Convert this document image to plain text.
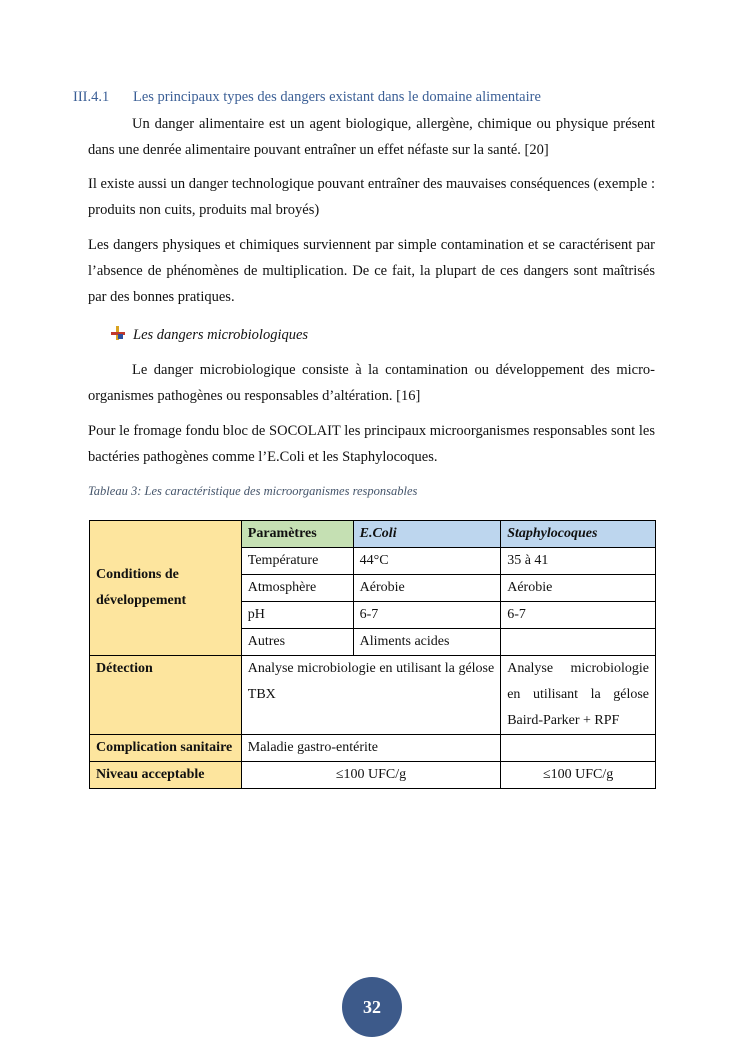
III.4.1 Les principaux types des dangers existant dans le domaine alimentaire

Un danger alimentaire est un agent biologique, allergène, chimique ou physique présent dans une denrée alimentaire pouvant entraîner un effet néfaste sur la santé. [20]

Il existe aussi un danger technologique pouvant entraîner des mauvaises conséquences (exemple : produits non cuits, produits mal broyés)

Les dangers physiques et chimiques surviennent par simple contamination et se caractérisent par l’absence de phénomènes de multiplication. De ce fait, la plupart de ces dangers sont maîtrisés par des bonnes pratiques.

Les dangers microbiologiques

Le danger microbiologique consiste à la contamination ou développement des micro-organismes pathogènes ou responsables d’altération. [16]

Pour le fromage fondu bloc de SOCOLAIT les principaux microorganismes responsables sont les bactéries pathogènes comme l’E.Coli et les Staphylocoques.

Tableau 3: Les caractéristique des microorganismes responsables
Conditions de développement	Paramètres	E.Coli	Staphylocoques
	Température	44°C	35 à 41
	Atmosphère	Aérobie	Aérobie
	pH	6-7	6-7
	Autres	Aliments acides	
Détection	Analyse microbiologie en utilisant la gélose TBX		Analyse microbiologie en utilisant la gélose Baird-Parker + RPF
Complication sanitaire	Maladie gastro-entérite		
Niveau acceptable	≤100 UFC/g		≤100 UFC/g
32
